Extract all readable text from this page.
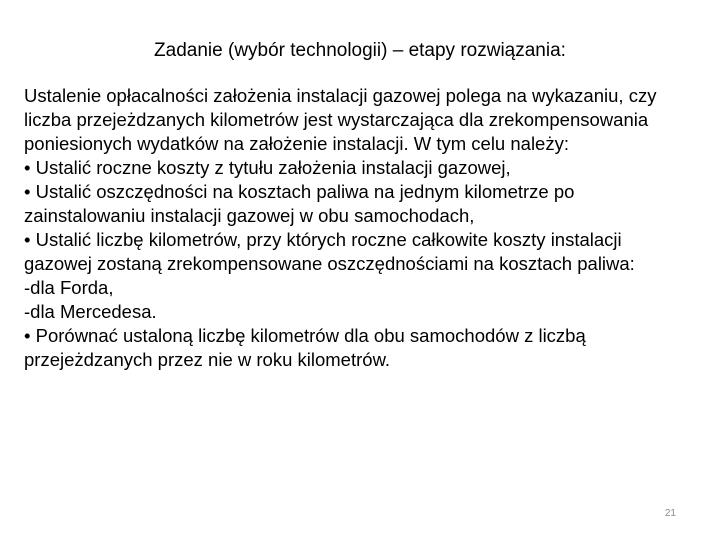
Zadanie (wybór technologii) – etapy rozwiązania:

Ustalenie opłacalności założenia instalacji gazowej polega na wykazaniu, czy liczba przejeżdzanych kilometrów jest wystarczająca dla zrekompensowania poniesionych wydatków na założenie instalacji. W tym celu należy:

• Ustalić roczne koszty z tytułu założenia instalacji gazowej,

• Ustalić oszczędności na kosztach paliwa na jednym kilometrze po zainstalowaniu instalacji gazowej w obu samochodach,

• Ustalić liczbę kilometrów, przy których roczne całkowite koszty instalacji gazowej zostaną zrekompensowane oszczędnościami na kosztach paliwa:

-dla Forda,

-dla Mercedesa.

• Porównać ustaloną liczbę kilometrów dla obu samochodów z liczbą przejeżdzanych przez nie w roku kilometrów.

21
